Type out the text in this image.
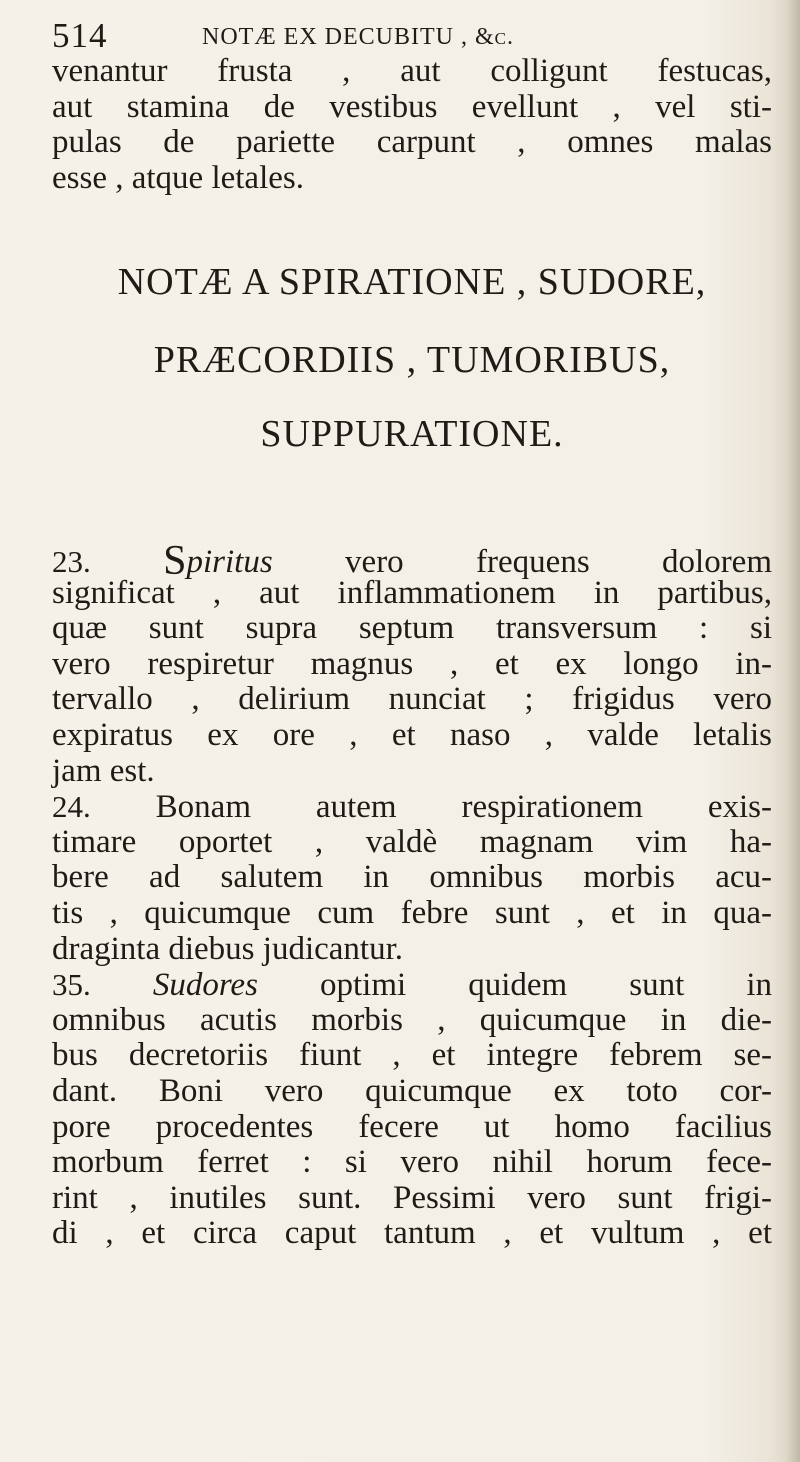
514	NOTÆ EX DECUBITU , &c.
venantur frusta , aut colligunt festucas,
aut stamina de vestibus evellunt , vel sti-
pulas de pariette carpunt , omnes malas
esse , atque letales.
NOTÆ A SPIRATIONE , SUDORE,
PRÆCORDIIS , TUMORIBUS,
SUPPURATIONE.
23. Spiritus vero frequens dolorem
significat , aut inflammationem in partibus,
quæ sunt supra septum transversum : si
vero respiretur magnus , et ex longo in-
tervallo , delirium nunciat ; frigidus vero
expiratus ex ore , et naso , valde letalis
jam est.
24. Bonam autem respirationem exis-
timare oportet , valdè magnam vim ha-
bere ad salutem in omnibus morbis acu-
tis , quicumque cum febre sunt , et in qua-
draginta diebus judicantur.
35. Sudores optimi quidem sunt in
omnibus acutis morbis , quicumque in die-
bus decretoriis fiunt , et integre febrem se-
dant. Boni vero quicumque ex toto cor-
pore procedentes fecere ut homo facilius
morbum ferret : si vero nihil horum fece-
rint , inutiles sunt. Pessimi vero sunt frigi-
di , et circa caput tantum , et vultum , et
